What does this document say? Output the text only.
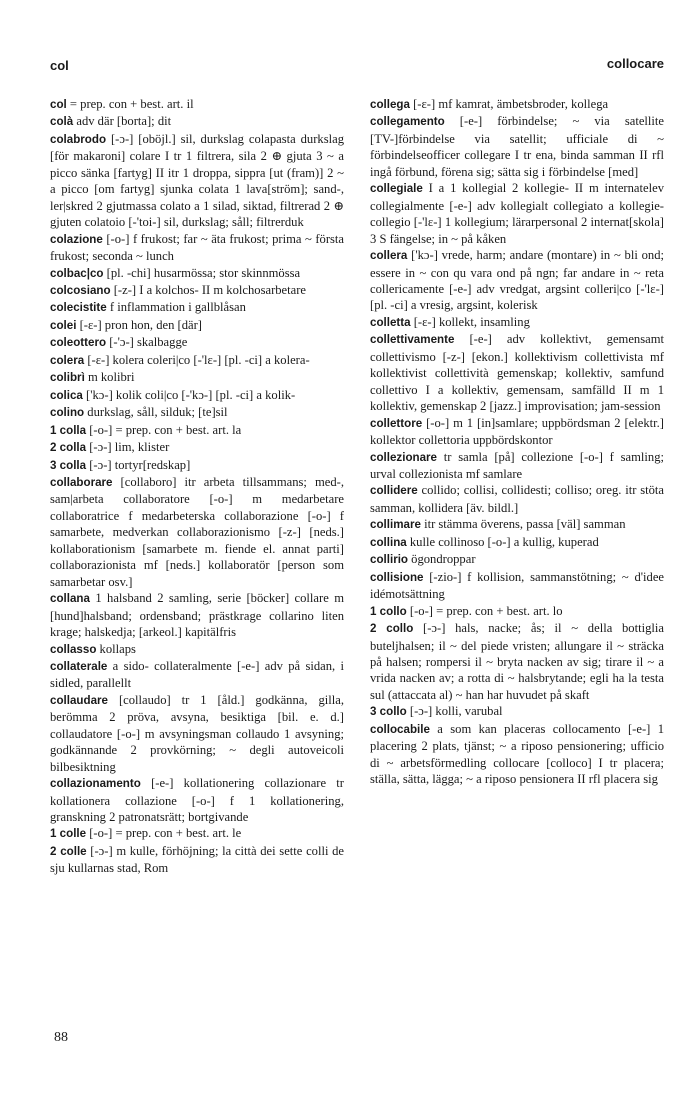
col	collocare

col = prep. con + best. art. il

colà adv där [borta]; dit

colabrodo [-ɔ-] [oböjl.] sil, durkslag colapasta durkslag [för makaroni] colare I tr 1 filtrera, sila 2 ⊕ gjuta 3 ~ a picco sänka [fartyg] II itr 1 droppa, sippra [ut (fram)] 2 ~ a picco [om fartyg] sjunka colata 1 lava[ström]; sand-, ler|skred 2 gjutmassa colato a 1 silad, siktad, filtrerad 2 ⊕ gjuten colatoio [-'toi-] sil, durkslag; såll; filtrerduk

colazione [-o-] f frukost; far ~ äta frukost; prima ~ första frukost; seconda ~ lunch

colbac|co [pl. -chi] husarmössa; stor skinnmössa

colcosiano [-z-] I a kolchos- II m kolchosarbetare

colecistite f inflammation i gallblåsan

colei [-ɛ-] pron hon, den [där]

coleottero [-'ɔ-] skalbagge

colera [-ɛ-] kolera coleri|co [-'lɛ-] [pl. -ci] a kolera-

colibrì m kolibri

colica ['kɔ-] kolik coli|co [-'kɔ-] [pl. -ci] a kolik-

colino durkslag, såll, silduk; [te]sil

1 colla [-o-] = prep. con + best. art. la

2 colla [-ɔ-] lim, klister

3 colla [-ɔ-] tortyr[redskap]

collaborare [collaboro] itr arbeta tillsammans; med-, sam|arbeta collaboratore [-o-] m medarbetare collaboratrice f medarbeterska collaborazione [-o-] f samarbete, medverkan collaborazionismo [-z-] [neds.] kollaborationism [samarbete m. fiende el. annat parti] collaborazionista mf [neds.] kollaboratör [person som samarbetar osv.]

collana 1 halsband 2 samling, serie [böcker] collare m [hund]halsband; ordensband; prästkrage collarino liten krage; halskedja; [arkeol.] kapitälfris

collasso kollaps

collaterale a sido- collateralmente [-e-] adv på sidan, i sidled, parallellt

collaudare [collaudo] tr 1 [åld.] godkänna, gilla, berömma 2 pröva, avsyna, besiktiga [bil. e. d.] collaudatore [-o-] m avsyningsman collaudo 1 avsyning; godkännande 2 provkörning; ~ degli autoveicoli bilbesiktning

collazionamento [-e-] kollationering collazionare tr kollationera collazione [-o-] f 1 kollationering, granskning 2 patronatsrätt; bortgivande

1 colle [-o-] = prep. con + best. art. le

2 colle [-ɔ-] m kulle, förhöjning; la città dei sette colli de sju kullarnas stad, Rom

collega [-ɛ-] mf kamrat, ämbetsbroder, kollega

collegamento [-e-] förbindelse; ~ via satellite [TV-]förbindelse via satellit; ufficiale di ~ förbindelseofficer collegare I tr ena, binda samman II rfl ingå förbund, förena sig; sätta sig i förbindelse [med]

collegiale I a 1 kollegial 2 kollegie- II m internatelev collegialmente [-e-] adv kollegialt collegiato a kollegie- collegio [-'lɛ-] 1 kollegium; lärarpersonal 2 internat[skola] 3 S fängelse; in ~ på kåken

collera ['kɔ-] vrede, harm; andare (montare) in ~ bli ond; essere in ~ con qu vara ond på ngn; far andare in ~ reta collericamente [-e-] adv vredgat, argsint colleri|co [-'lɛ-] [pl. -ci] a vresig, argsint, kolerisk

colletta [-ɛ-] kollekt, insamling

collettivamente [-e-] adv kollektivt, gemensamt collettivismo [-z-] [ekon.] kollektivism collettivista mf kollektivist collettività gemenskap; kollektiv, samfund collettivo I a kollektiv, gemensam, samfälld II m 1 kollektiv, gemenskap 2 [jazz.] improvisation; jam-session

collettore [-o-] m 1 [in]samlare; uppbördsman 2 [elektr.] kollektor collettoria uppbördskontor

collezionare tr samla [på] collezione [-o-] f samling; urval collezionista mf samlare

collidere collido; collisi, collidesti; colliso; oreg. itr stöta samman, kollidera [äv. bildl.]

collimare itr stämma överens, passa [väl] samman

collina kulle collinoso [-o-] a kullig, kuperad

collirio ögondroppar

collisione [-zio-] f kollision, sammanstötning; ~ d'idee idémotsättning

1 collo [-o-] = prep. con + best. art. lo

2 collo [-ɔ-] hals, nacke; ås; il ~ della bottiglia buteljhalsen; il ~ del piede vristen; allungare il ~ sträcka på halsen; rompersi il ~ bryta nacken av sig; tirare il ~ a vrida nacken av; a rotta di ~ halsbrytande; egli ha la testa sul (attaccata al) ~ han har huvudet på skaft

3 collo [-ɔ-] kolli, varubal

collocabile a som kan placeras collocamento [-e-] 1 placering 2 plats, tjänst; ~ a riposo pensionering; ufficio di ~ arbetsförmedling collocare [colloco] I tr placera; ställa, sätta, lägga; ~ a riposo pensionera II rfl placera sig

88
